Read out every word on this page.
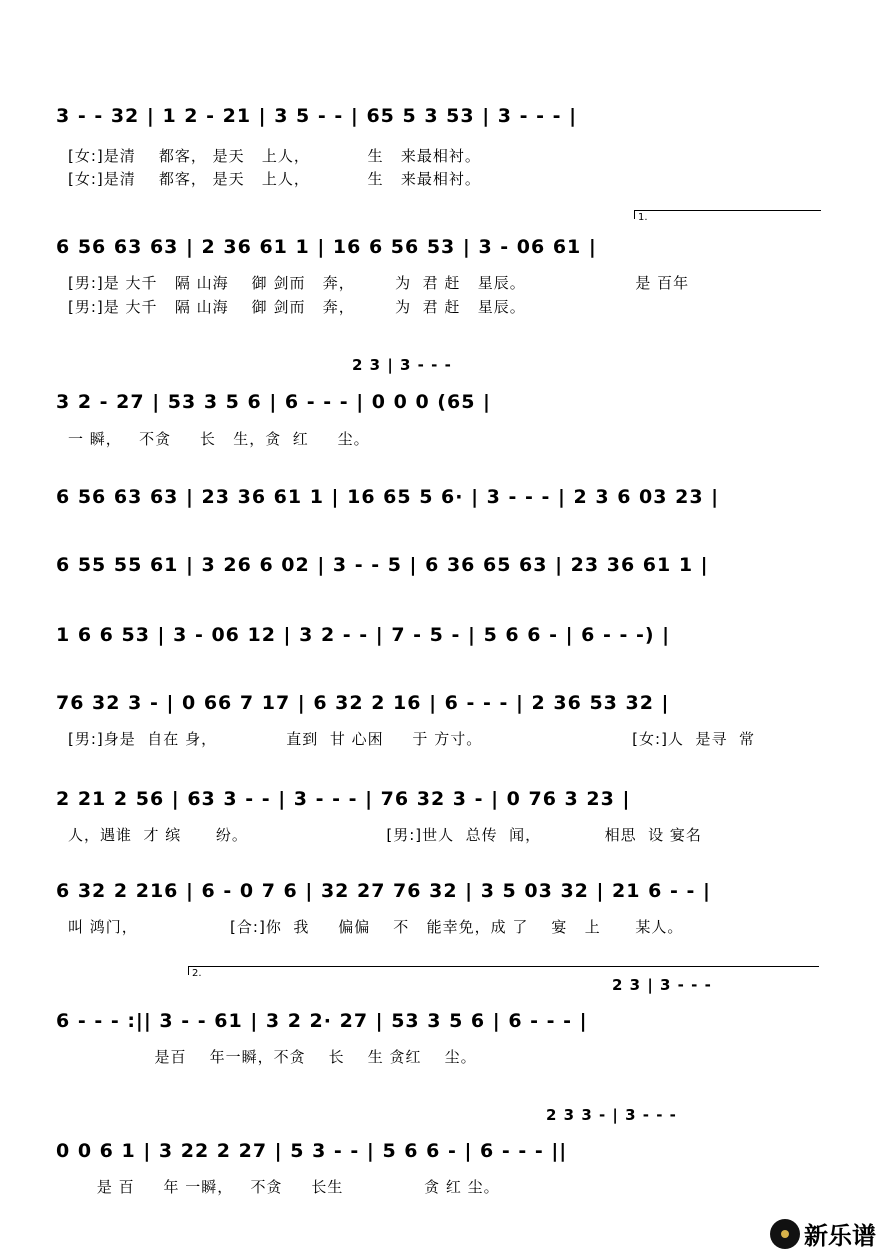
3 - - 32 | 1 2 - 21 | 3 5 - - | 65 5 3 53 | 3 - - - |
[女:]是清    都客， 是天   上人，          生   来最相衬。
[女:]是清    都客， 是天   上人，          生   来最相衬。
1.
6 56 63 63 | 2 36 61 1 | 16 6 56 53 | 3 - 06 61 |
[男:]是 大千   隔 山海    御 剑而   奔，       为  君 赶   星辰。                   是 百年
[男:]是 大千   隔 山海    御 剑而   奔，       为  君 赶   星辰。
2 3 | 3 - - -
3 2 - 27 | 53 3 5 6 | 6 - - - | 0 0 0 (65 |
一 瞬，   不贪     长   生，贪  红     尘。
6 56 63 63 | 23 36 61 1 | 16 65 5 6· | 3 - - - | 2 3 6 03 23 |
6 55 55 61 | 3 26 6 02 | 3 - - 5 | 6 36 65 63 | 23 36 61 1 |
1 6 6 53 | 3 - 06 12 | 3 2 - - | 7 - 5 - | 5 6 6 - | 6 - - -) |
76 32 3 - | 0 66 7 17 | 6 32 2 16 | 6 - - - | 2 36 53 32 |
[男:]身是  自在 身，            直到  甘 心困     于 方寸。                          [女:]人  是寻  常
2 21 2 56 | 63 3 - - | 3 - - - | 76 32 3 - | 0 76 3 23 |
人，遇谁  才 缤      纷。                        [男:]世人  总传  闻，           相思  设 宴名
6 32 2 216 | 6 - 0 7 6 | 32 27 76 32 | 3 5 03 32 | 21 6 - - |
叫 鸿门，                [合:]你  我     偏偏    不   能幸免，成 了    宴   上      某人。
2.
2 3 | 3 - - -
6 - - - :|| 3 - - 61 | 3 2 2· 27 | 53 3 5 6 | 6 - - - |
是百    年一瞬，不贪    长    生 贪红    尘。
2 3 3 - | 3 - - -
0 0 6 1 | 3 22 2 27 | 5 3 - - | 5 6 6 - | 6 - - - ||
是 百     年 一瞬，   不贪     长生              贪 红 尘。
新乐谱
